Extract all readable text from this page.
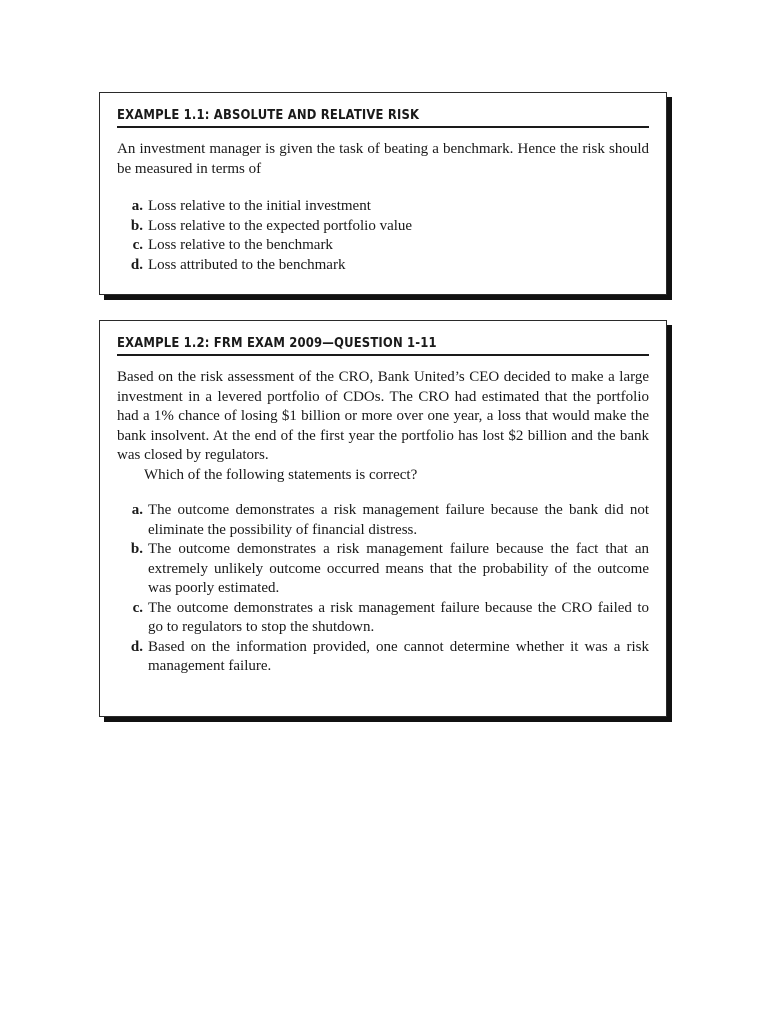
EXAMPLE 1.1: ABSOLUTE AND RELATIVE RISK

An investment manager is given the task of beating a benchmark. Hence the risk should be measured in terms of

a. Loss relative to the initial investment
b. Loss relative to the expected portfolio value
c. Loss relative to the benchmark
d. Loss attributed to the benchmark
EXAMPLE 1.2: FRM EXAM 2009—QUESTION 1-11

Based on the risk assessment of the CRO, Bank United’s CEO decided to make a large investment in a levered portfolio of CDOs. The CRO had estimated that the portfolio had a 1% chance of losing $1 billion or more over one year, a loss that would make the bank insolvent. At the end of the first year the portfolio has lost $2 billion and the bank was closed by regulators.

Which of the following statements is correct?

a. The outcome demonstrates a risk management failure because the bank did not eliminate the possibility of financial distress.
b. The outcome demonstrates a risk management failure because the fact that an extremely unlikely outcome occurred means that the probability of the outcome was poorly estimated.
c. The outcome demonstrates a risk management failure because the CRO failed to go to regulators to stop the shutdown.
d. Based on the information provided, one cannot determine whether it was a risk management failure.
